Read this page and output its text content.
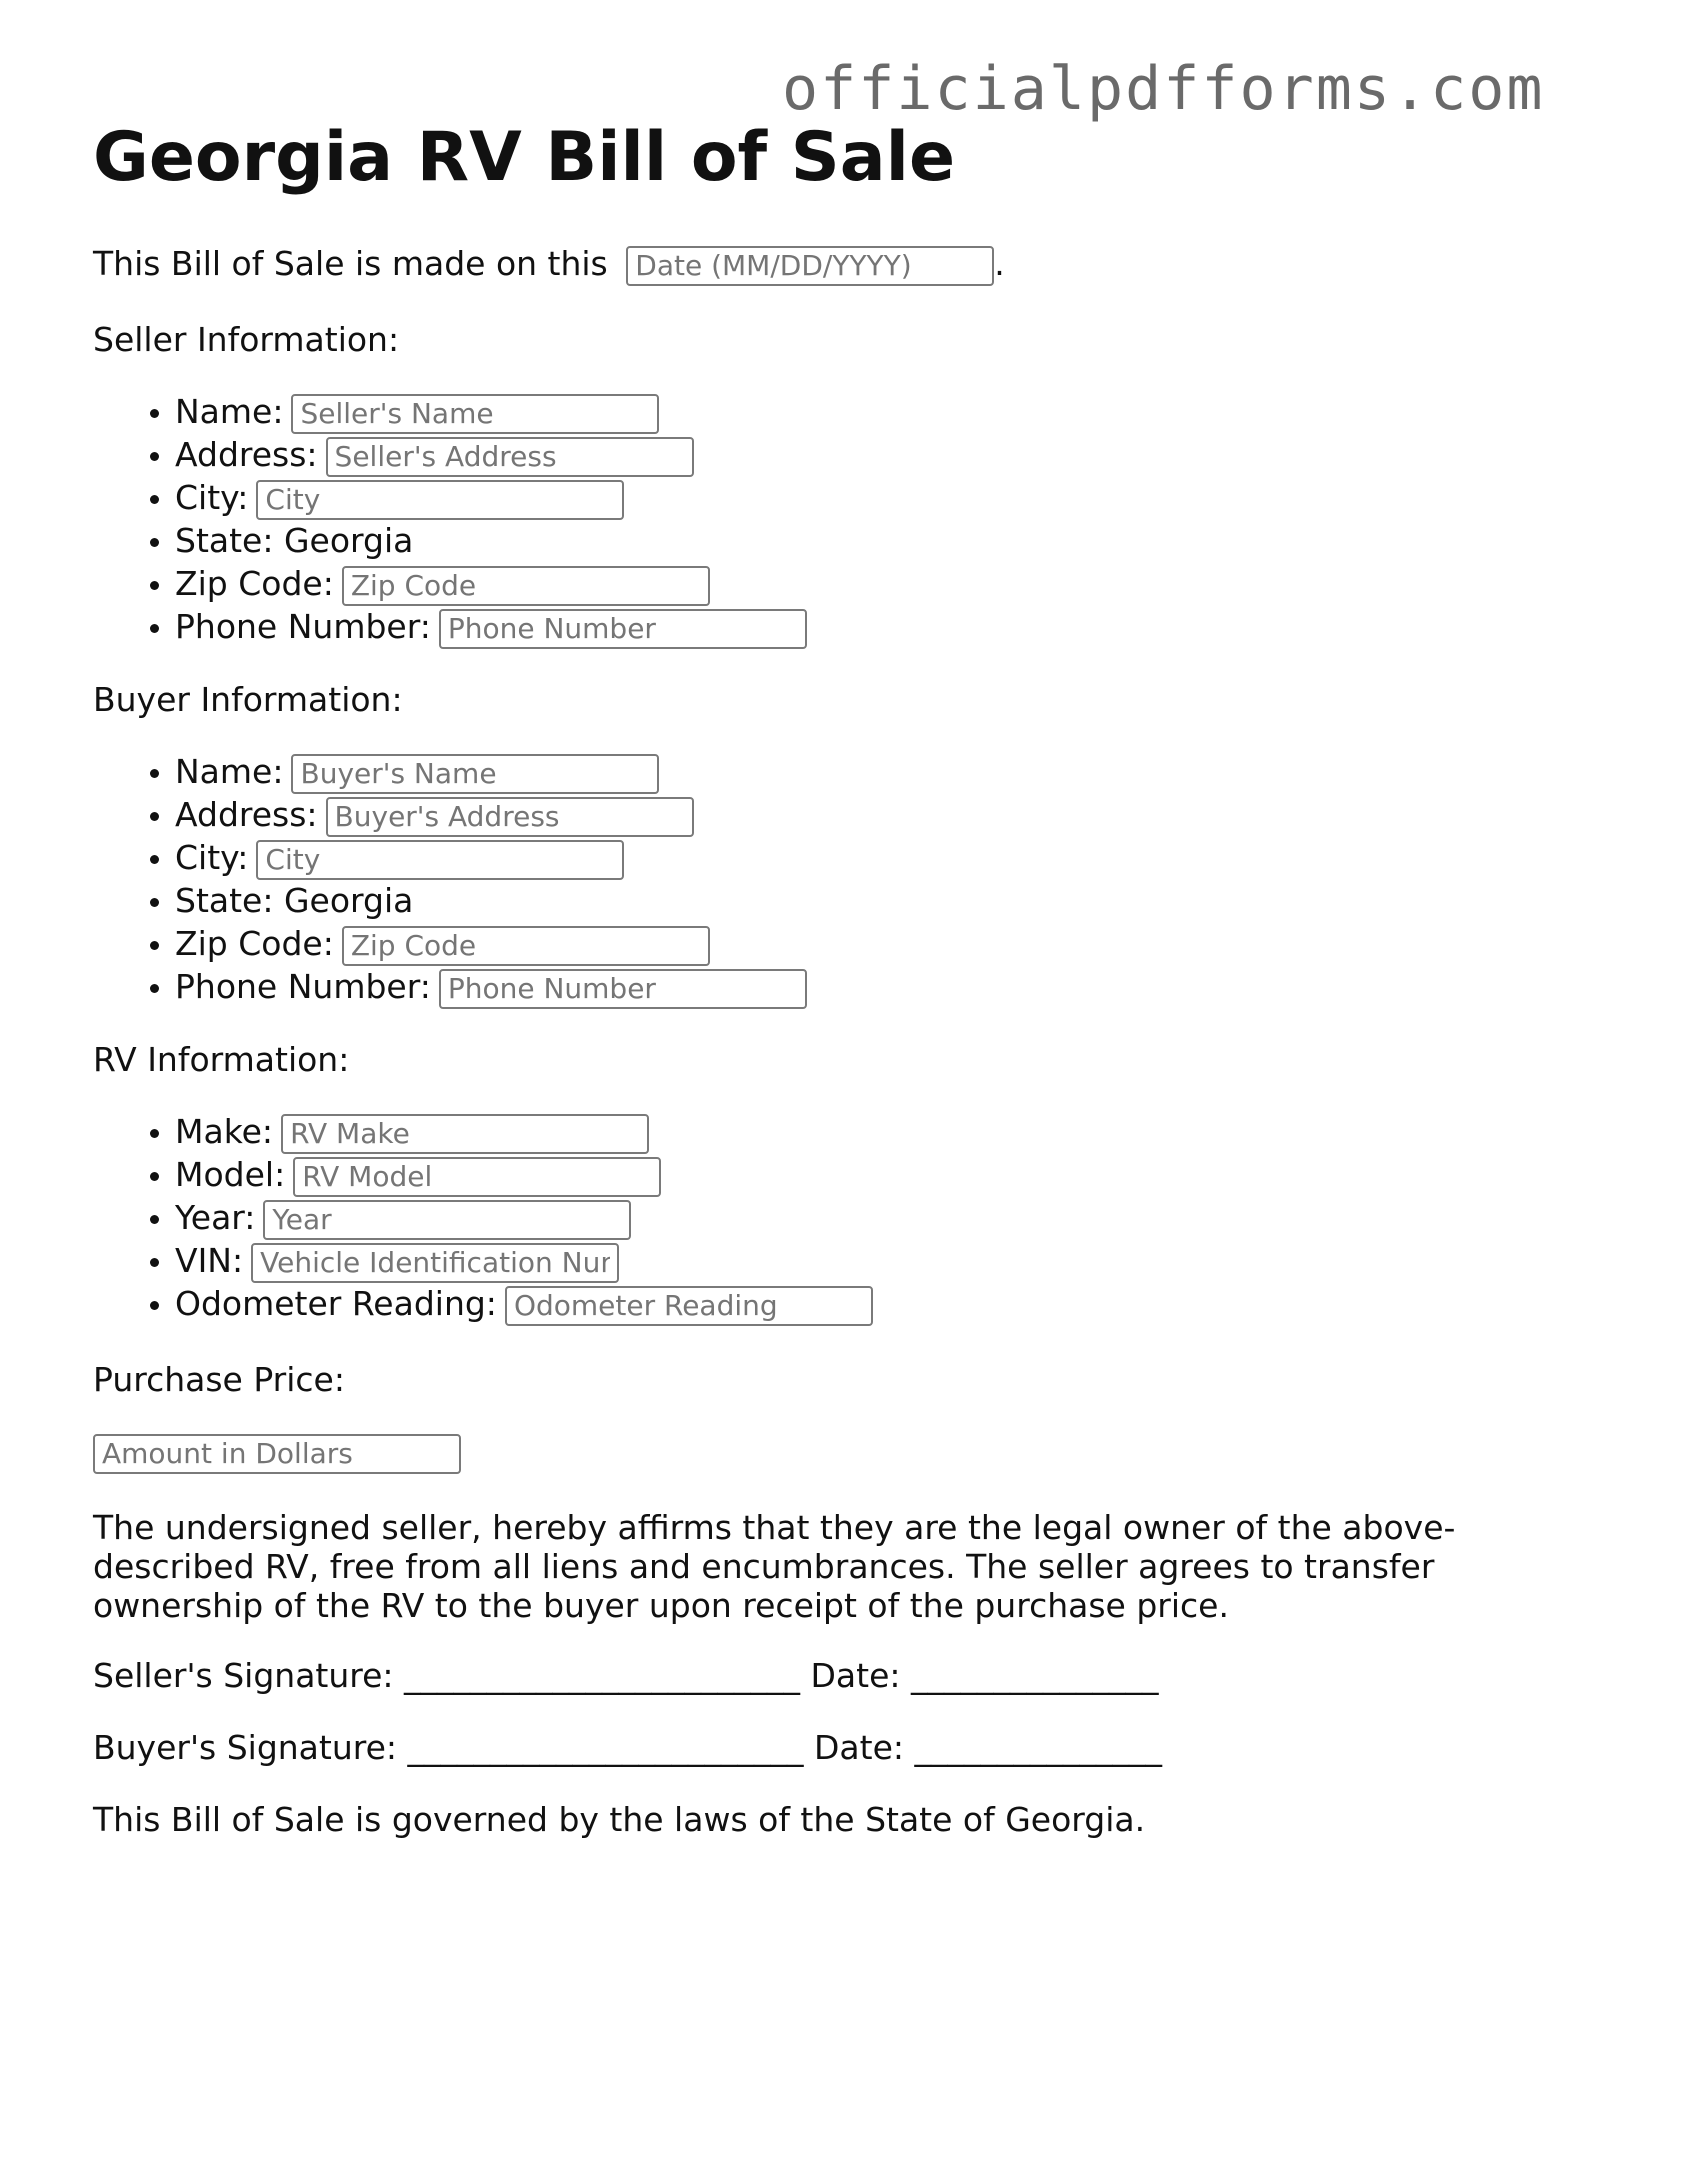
officialpdfforms.com
Georgia RV Bill of Sale
This Bill of Sale is made on this Date (MM/DD/YYYY)	.
Seller Information:
• Name:Seller's Name
• Address:Seller's Address
• City:City
• State: Georgia
• Zip Code:Zip Code
• Phone Number:Phone Number
Buyer Information:
• Name:Buyer's Name
• Address:Buyer's Address
• City:City
• State: Georgia
• Zip Code:Zip Code
• Phone Number:Phone Number
RV Information:
• Make:RV Make
• Model:RV Model
• Year:Year
• VIN:Vehicle Identification Num
• Odometer Reading:Odometer Reading
Purchase Price:
Amount in Dollars
The undersigned seller, hereby affirms that they are the legal owner of the above-described RV, free from all liens and encumbrances. The seller agrees to transfer ownership of the RV to the buyer upon receipt of the purchase price.
Seller's Signature: ________________________ Date: _______________
Buyer's Signature: ________________________ Date: _______________
This Bill of Sale is governed by the laws of the State of Georgia.
